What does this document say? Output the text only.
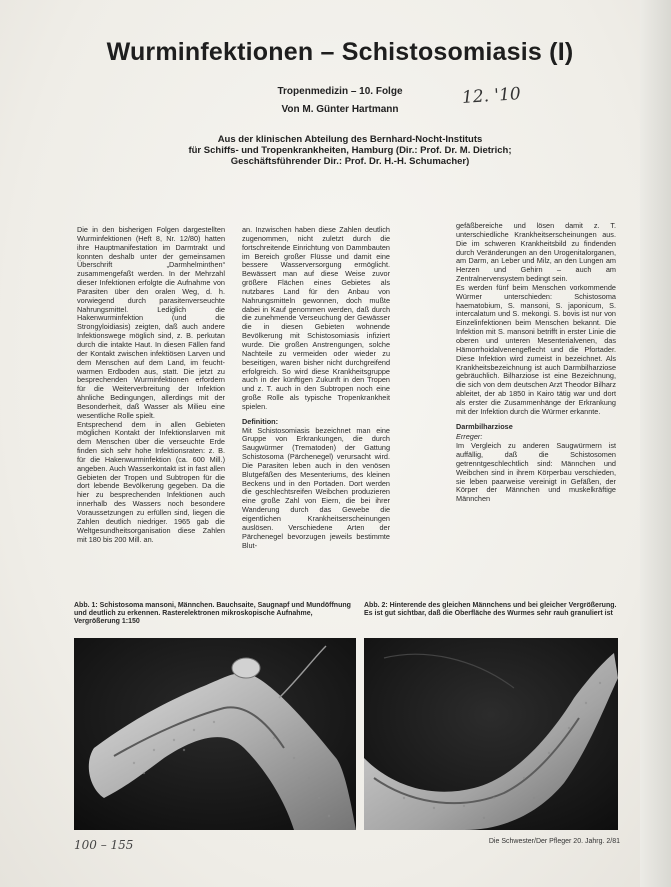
Wurminfektionen – Schistosomiasis (I)
Tropenmedizin – 10. Folge
Von M. Günter Hartmann
12. '10
Aus der klinischen Abteilung des Bernhard-Nocht-Instituts
für Schiffs- und Tropenkrankheiten, Hamburg (Dir.: Prof. Dr. M. Dietrich;
Geschäftsführender Dir.: Prof. Dr. H.-H. Schumacher)

Die in den bisherigen Folgen dargestellten Wurminfektionen (Heft 8, Nr. 12/80) hatten ihre Hauptmanifestation im Darmtrakt und konnten deshalb unter der gemeinsamen Überschrift „Darmhelminthen“ zusammengefaßt werden. In der Mehrzahl dieser Infektionen erfolgte die Aufnahme von Parasiten über den oralen Weg, d. h. vorwiegend durch parasitenverseuchte Nahrungsmittel. Lediglich die Hakenwurminfektion (und die Strongyloidiasis) zeigten, daß auch andere Infektionswege möglich sind, z. B. perkutan durch die intakte Haut. In diesen Fällen fand der Kontakt zwischen infektiösen Larven und dem Menschen auf dem Land, im feucht-warmen Erdboden aus, statt. Die jetzt zu besprechenden Wurminfektionen erfordern für die Weiterverbreitung der Infektion ähnliche Bedingungen, allerdings mit der Besonderheit, daß Wasser als Milieu eine wesentliche Rolle spielt.

Entsprechend dem in allen Gebieten möglichen Kontakt der Infektionslarven mit dem Menschen über die verseuchte Erde finden sich sehr hohe Infektionsraten: z. B. für die Hakenwurminfektion (ca. 600 Mill.) angeben. Auch Wasserkontakt ist in fast allen Gebieten der Tropen und Subtropen für die dort lebende Bevölkerung gegeben. Da die hier zu besprechenden Infektionen auch innerhalb des Wassers noch besondere Voraussetzungen zu erfüllen sind, liegen die Zahlen deutlich niedriger. 1965 gab die Weltgesundheitsorganisation diese Zahlen mit 180 bis 200 Mill. an.

an. Inzwischen haben diese Zahlen deutlich zugenommen, nicht zuletzt durch die fortschreitende Einrichtung von Dammbauten im Bereich großer Flüsse und damit eine bessere Wasserversorgung ermöglicht. Bewässert man auf diese Weise zuvor größere Flächen eines Gebietes als nutzbares Land für den Anbau von Nahrungsmitteln gewonnen, doch mußte dabei in Kauf genommen werden, daß durch die zunehmende Verseuchung der Gewässer die in diesen Gebieten wohnende Bevölkerung mit Schistosomiasis infiziert wurde. Die großen Anstrengungen, solche Nachteile zu vermeiden oder wieder zu beseitigen, waren bisher nicht durchgreifend erfolgreich. So wird diese Krankheitsgruppe auch in der künftigen Zukunft in den Tropen und z. T. auch in den Subtropen noch eine große Rolle als typische Tropenkrankheit spielen.

Definition:

Mit Schistosomiasis bezeichnet man eine Gruppe von Erkrankungen, die durch Saugwürmer (Trematoden) der Gattung Schistosoma (Pärchenegel) verursacht wird. Die Parasiten leben auch in den venösen Blutgefäßen des Mesenteriums, des kleinen Beckens und in den Portaden. Dort werden die geschlechtsreifen Weibchen produzieren eine große Zahl von Eiern, die bei ihrer Wanderung durch das Gewebe die eigentlichen Krankheitserscheinungen auslösen. Verschiedene Arten der Pärchenegel bevorzugen jeweils bestimmte Blut-

gefäßbereiche und lösen damit z. T. unterschiedliche Krankheitserscheinungen aus. Die im schweren Krankheitsbild zu findenden durch Veränderungen an den Urogenitalorganen, am Darm, an Leber und Milz, an den Lungen am Herzen und Gehirn – auch am Zentralnervensystem bedingt sein.

Es werden fünf beim Menschen vorkommende Würmer unterschieden: Schistosoma haematobium, S. mansoni, S. japonicum, S. intercalatum und S. mekongi. S. bovis ist nur von Einzelinfektionen beim Menschen bekannt. Die Infektion mit S. mansoni betrifft in erster Linie die oberen und unteren Mesenterialvenen, das Hämorrhoidalvenengeflecht und die Pfortader. Diese Infektion wird zumeist in bezeichnet. Als Krankheitsbezeichnung ist auch Darmbilharziose gebräuchlich. Bilharziose ist eine Bezeichnung, die sich von dem deutschen Arzt Theodor Bilharz ableitet, der ab 1850 in Kairo tätig war und dort als erster die Zusammenhänge der Erkrankung mit der Infektion durch die Würmer erkannte.

Darmbilharziose

Erreger:

Im Vergleich zu anderen Saugwürmern ist auffällig, daß die Schistosomen getrenntgeschlechtlich sind: Männchen und Weibchen sind in ihrem Körperbau verschieden, sie leben paarweise vereinigt in Gefäßen, der Körper der Männchen und muskelkräftige Männchen

Abb. 1: Schistosoma mansoni, Männchen. Bauchsaite, Saugnapf und Mundöffnung und deutlich zu erkennen. Rasterelektronen mikroskopische Aufnahme, Vergrößerung 1:150
Abb. 2: Hinterende des gleichen Männchens und bei gleicher Vergrößerung. Es ist gut sichtbar, daß die Oberfläche des Wurmes sehr rauh granuliert ist
100 – 155	Die Schwester/Der Pfleger 20. Jahrg. 2/81
